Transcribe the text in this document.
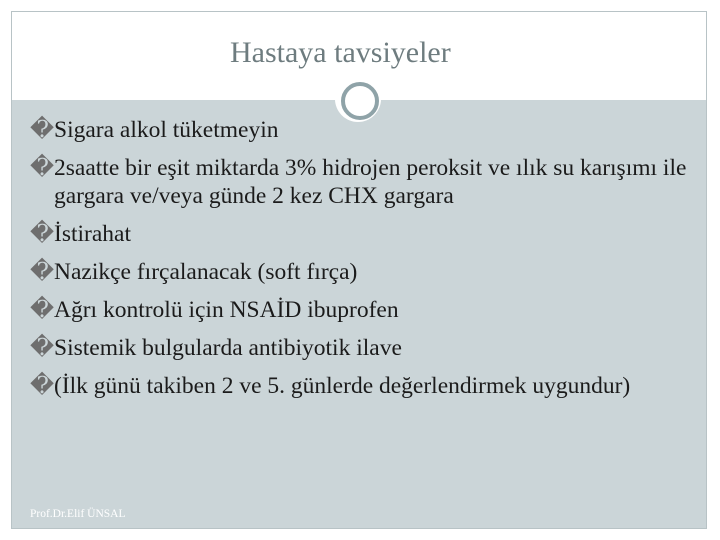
Hastaya tavsiyeler
� Sigara alkol tüketmeyin
� 2saatte bir eşit miktarda 3% hidrojen peroksit ve ılık su karışımı ile gargara ve/veya günde 2 kez CHX gargara
� İstirahat
� Nazikçe fırçalanacak (soft fırça)
� Ağrı kontrolü için NSAİD ibuprofen
� Sistemik bulgularda antibiyotik ilave
� (İlk günü takiben 2 ve 5. günlerde değerlendirmek uygundur)
Prof.Dr.Elif ÜNSAL
